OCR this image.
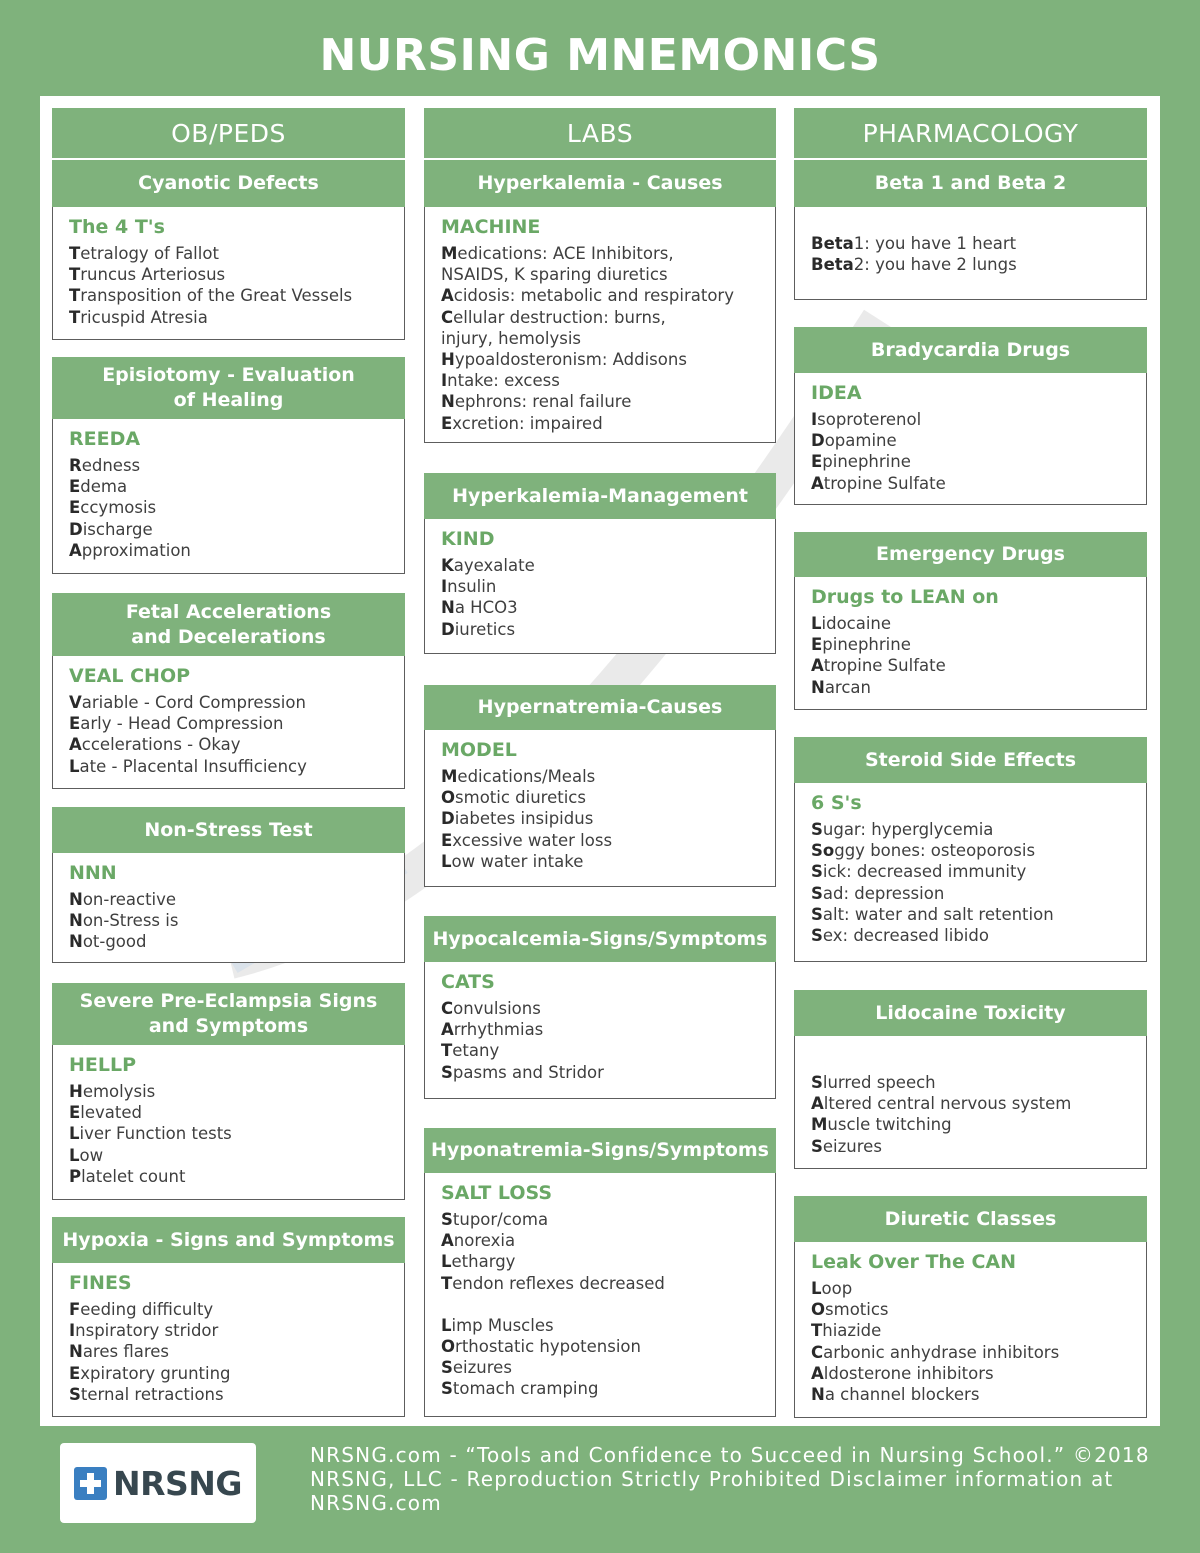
NURSING MNEMONICS
OB/PEDS	LABS	PHARMACOLOGY
Cyanotic Defects
The 4 T's
Tetralogy of Fallot
Truncus Arteriosus
Transposition of the Great Vessels
Tricuspid Atresia
Episiotomy - Evaluation
of Healing
REEDA
Redness
Edema
Eccymosis
Discharge
Approximation
Fetal Accelerations
and Decelerations
VEAL CHOP
Variable - Cord Compression
Early - Head Compression
Accelerations - Okay
Late - Placental Insufficiency
Non-Stress Test
NNN
Non-reactive
Non-Stress is
Not-good
Severe Pre-Eclampsia Signs
and Symptoms
HELLP
Hemolysis
Elevated
Liver Function tests
Low
Platelet count
Hypoxia - Signs and Symptoms
FINES
Feeding difficulty
Inspiratory stridor
Nares flares
Expiratory grunting
Sternal retractions
Hyperkalemia - Causes
MACHINE
Medications: ACE Inhibitors,
NSAIDS, K sparing diuretics
Acidosis: metabolic and respiratory
Cellular destruction: burns,
injury, hemolysis
Hypoaldosteronism: Addisons
Intake: excess
Nephrons: renal failure
Excretion: impaired
Hyperkalemia-Management
KIND
Kayexalate
Insulin
Na HCO3
Diuretics
Hypernatremia-Causes
MODEL
Medications/Meals
Osmotic diuretics
Diabetes insipidus
Excessive water loss
Low water intake
Hypocalcemia-Signs/Symptoms
CATS
Convulsions
Arrhythmias
Tetany
Spasms and Stridor
Hyponatremia-Signs/Symptoms
SALT LOSS
Stupor/coma
Anorexia
Lethargy
Tendon reflexes decreased
Limp Muscles
Orthostatic hypotension
Seizures
Stomach cramping
Beta 1 and Beta 2
Beta1: you have 1 heart
Beta2: you have 2 lungs
Bradycardia Drugs
IDEA
Isoproterenol
Dopamine
Epinephrine
Atropine Sulfate
Emergency Drugs
Drugs to LEAN on
Lidocaine
Epinephrine
Atropine Sulfate
Narcan
Steroid Side Effects
6 S's
Sugar: hyperglycemia
Soggy bones: osteoporosis
Sick: decreased immunity
Sad: depression
Salt: water and salt retention
Sex: decreased libido
Lidocaine Toxicity
Slurred speech
Altered central nervous system
Muscle twitching
Seizures
Diuretic Classes
Leak Over The CAN
Loop
Osmotics
Thiazide
Carbonic anhydrase inhibitors
Aldosterone inhibitors
Na channel blockers
NRSNG
NRSNG.com - “Tools and Confidence to Succeed in Nursing School.” ©2018 NRSNG, LLC - Reproduction Strictly Prohibited Disclaimer information at NRSNG.com
